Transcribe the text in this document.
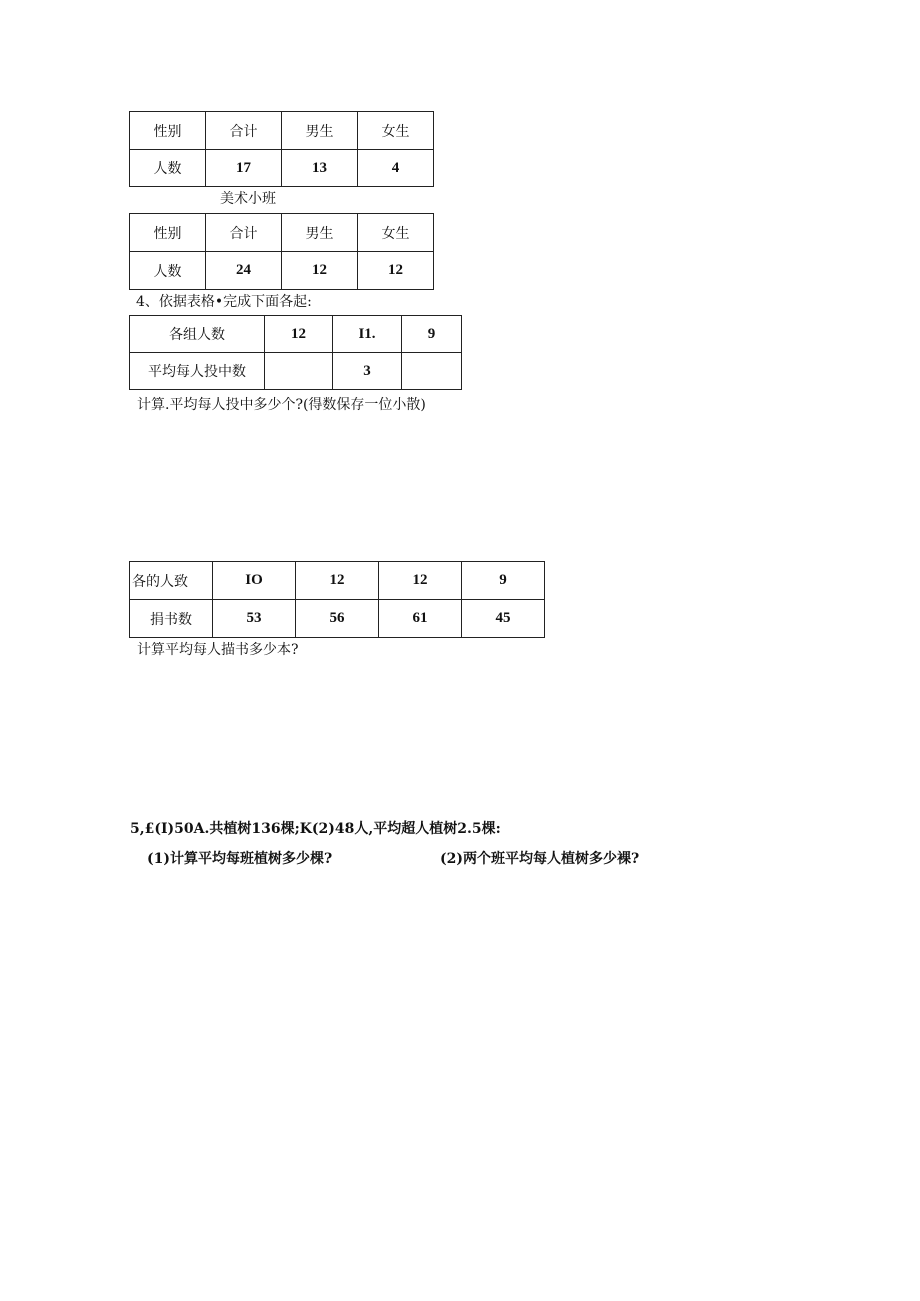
性别	合计	男生	女生
人数	17	13	4
美术小班
性别	合计	男生	女生
人数	24	12	12
4、依据表格•完成下面各起:
各组人数	12	I1.	9
平均每人投中数		3	
计算.平均每人投中多少个?(得数保存一位小散)
各的人致	IO	12	12	9
捐书数	53	56	61	45
计算平均每人描书多少本?
5,£(I)50A.共植树136棵;K(2)48人,平均超人植树2.5棵:
(1)计算平均每班植树多少棵?	(2)两个班平均每人植树多少裸?
